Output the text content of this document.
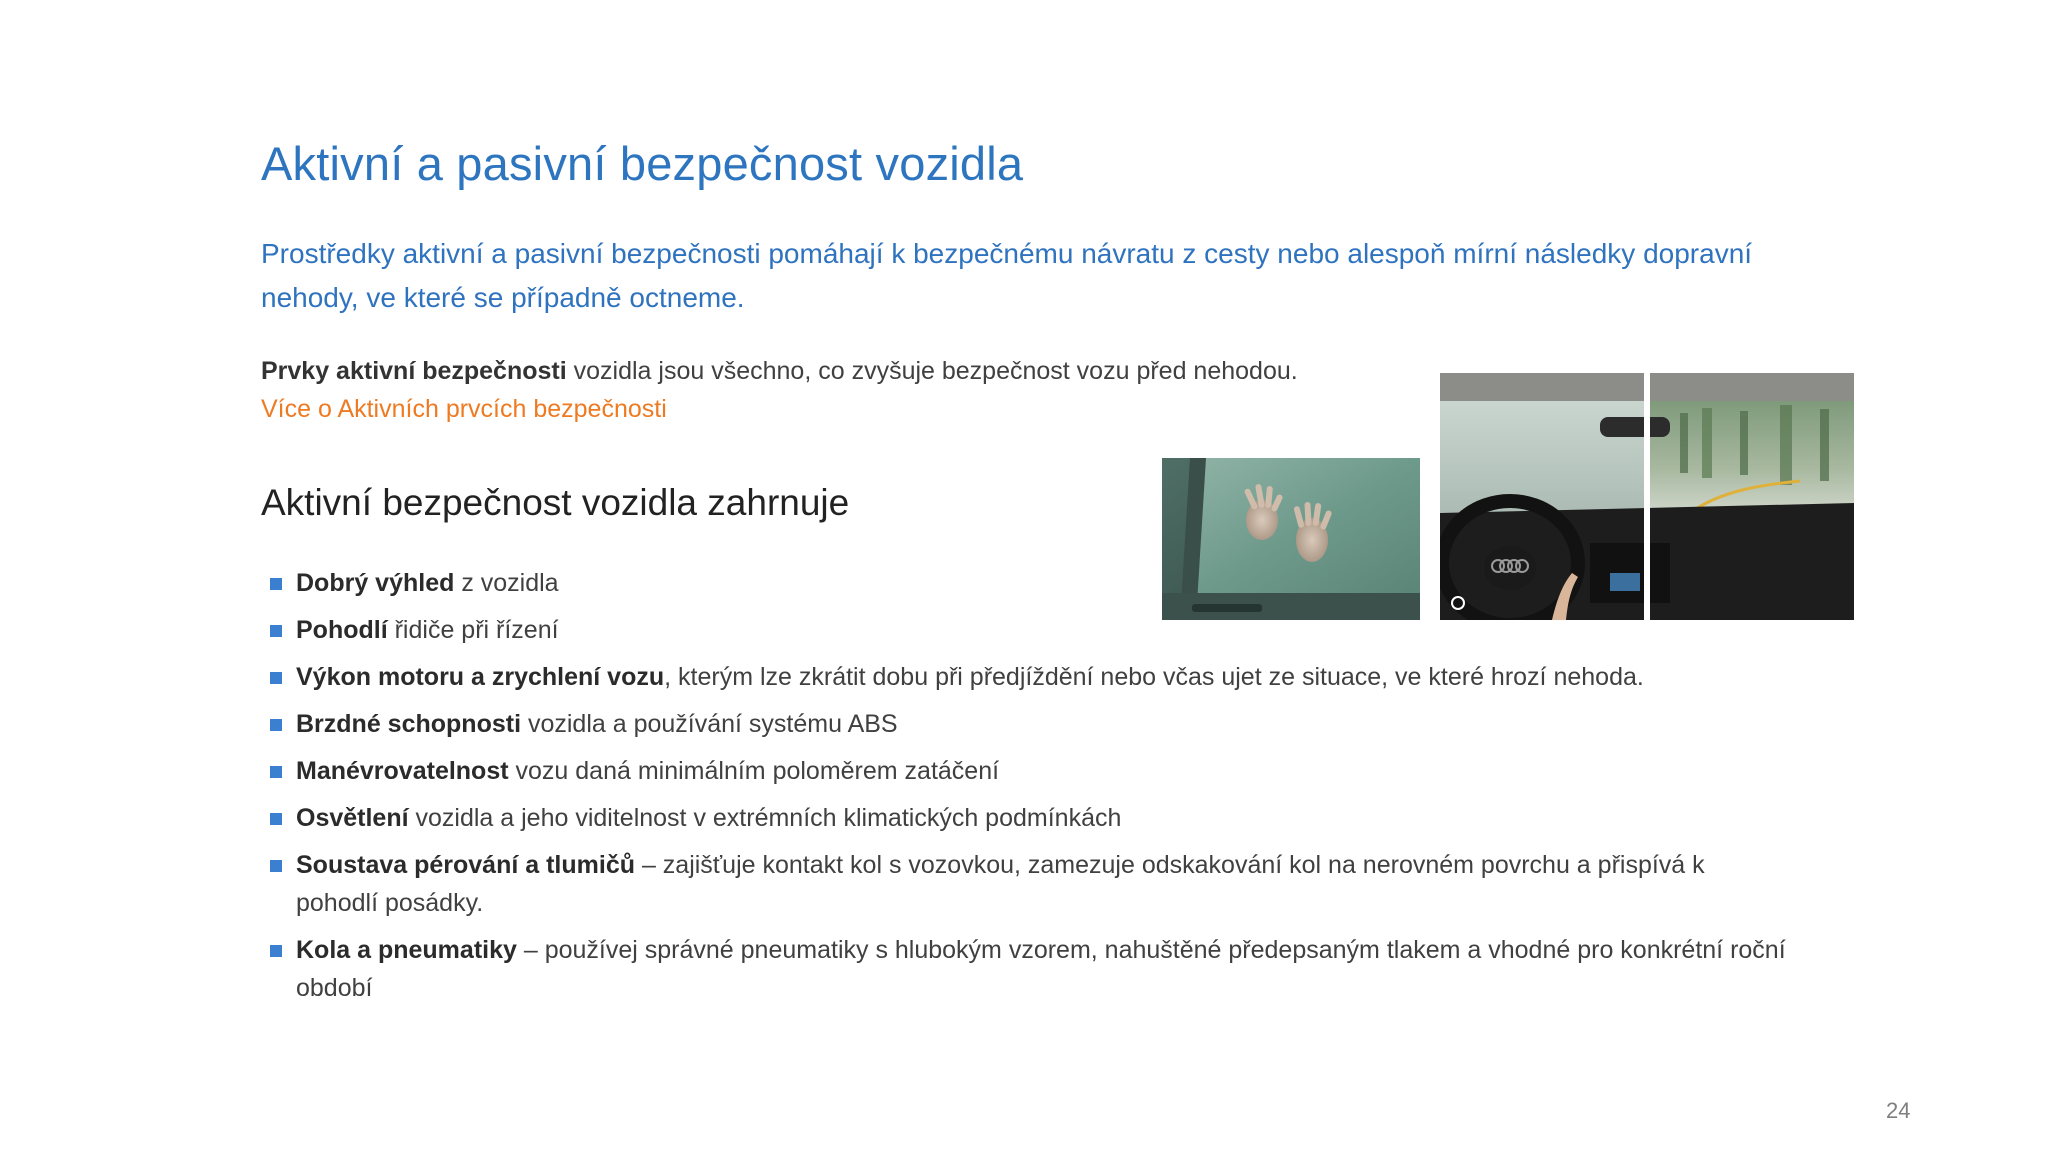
Aktivní a pasivní bezpečnost vozidla

Prostředky aktivní a pasivní bezpečnosti pomáhají k bezpečnému návratu z cesty nebo alespoň mírní následky dopravní nehody, ve které se případně octneme.

Prvky aktivní bezpečnosti vozidla jsou všechno, co zvyšuje bezpečnost vozu před nehodou.

Více o Aktivních prvcích bezpečnosti
Aktivní bezpečnost vozidla zahrnuje
Dobrý výhled z vozidla
Pohodlí řidiče při řízení
Výkon motoru a zrychlení vozu, kterým lze zkrátit dobu při předjíždění nebo včas ujet ze situace, ve které hrozí nehoda.
Brzdné schopnosti vozidla a používání systému ABS
Manévrovatelnost vozu daná minimálním poloměrem zatáčení
Osvětlení vozidla a jeho viditelnost v extrémních klimatických podmínkách
Soustava pérování a tlumičů – zajišťuje kontakt kol s vozovkou, zamezuje odskakování kol na nerovném povrchu a přispívá k pohodlí posádky.
Kola a pneumatiky – používej správné pneumatiky s hlubokým vzorem, nahuštěné předepsaným tlakem a vhodné pro konkrétní roční období
24
